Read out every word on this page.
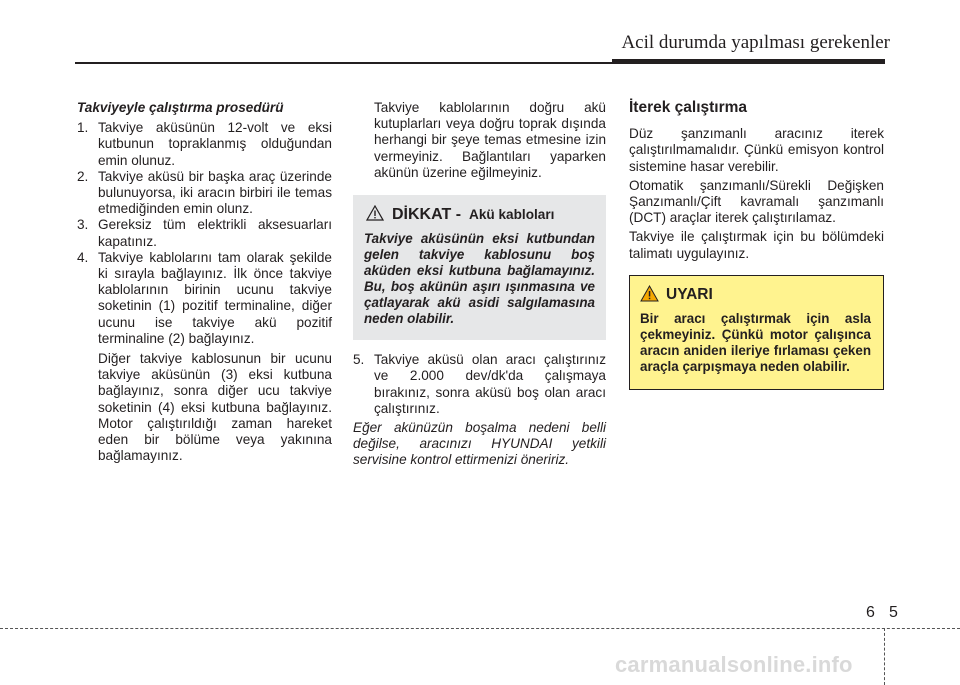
Acil durumda yapılması gerekenler
Takviyeyle çalıştırma prosedürü
1. Takviye aküsünün 12-volt ve eksi kutbunun topraklanmış olduğundan emin olunuz.
2. Takviye aküsü bir başka araç üzerinde bulunuyorsa, iki aracın birbiri ile temas etmediğinden emin olunz.
3. Gereksiz tüm elektrikli aksesuarları kapatınız.
4. Takviye kablolarını tam olarak şekilde ki sırayla bağlayınız. İlk önce takviye kablolarının birinin ucunu takviye soketinin (1) pozitif terminaline, diğer ucunu ise takviye akü pozitif terminaline (2) bağlayınız.
Diğer takviye kablosunun bir ucunu takviye aküsünün (3) eksi kutbuna bağlayınız, sonra diğer ucu takviye soketinin (4) eksi kutbuna bağlayınız. Motor çalıştırıldığı zaman hareket eden bir bölüme veya yakınına bağlamayınız.
Takviye kablolarının doğru akü kutuplarları veya doğru toprak dışında herhangi bir şeye temas etmesine izin vermeyiniz. Bağlantıları yaparken akünün üzerine eğilmeyiniz.
DİKKAT - Akü kabloları
Takviye aküsünün eksi kutbundan gelen takviye kablosunu boş aküden eksi kutbuna bağlamayınız. Bu, boş akünün aşırı ışınmasına ve çatlayarak akü asidi salgılamasına neden olabilir.
5. Takviye aküsü olan aracı çalıştırınız ve 2.000 dev/dk'da çalışmaya bırakınız, sonra aküsü boş olan aracı çalıştırınız.
Eğer akünüzün boşalma nedeni belli değilse, aracınızı HYUNDAI yetkili servisine kontrol ettirmenizi öneririz.
İterek çalıştırma
Düz şanzımanlı aracınız iterek çalıştırılmamalıdır. Çünkü emisyon kontrol sistemine hasar verebilir.
Otomatik şanzımanlı/Sürekli Değişken Şanzımanlı/Çift kavramalı şanzımanlı (DCT) araçlar iterek çalıştırılamaz.
Takviye ile çalıştırmak için bu bölümdeki talimatı uygulayınız.
UYARI
Bir aracı çalıştırmak için asla çekmeyiniz. Çünkü motor çalışınca aracın aniden ileriye fırlaması çeken araçla çarpışmaya neden olabilir.
6 5
carmanualsonline.info
